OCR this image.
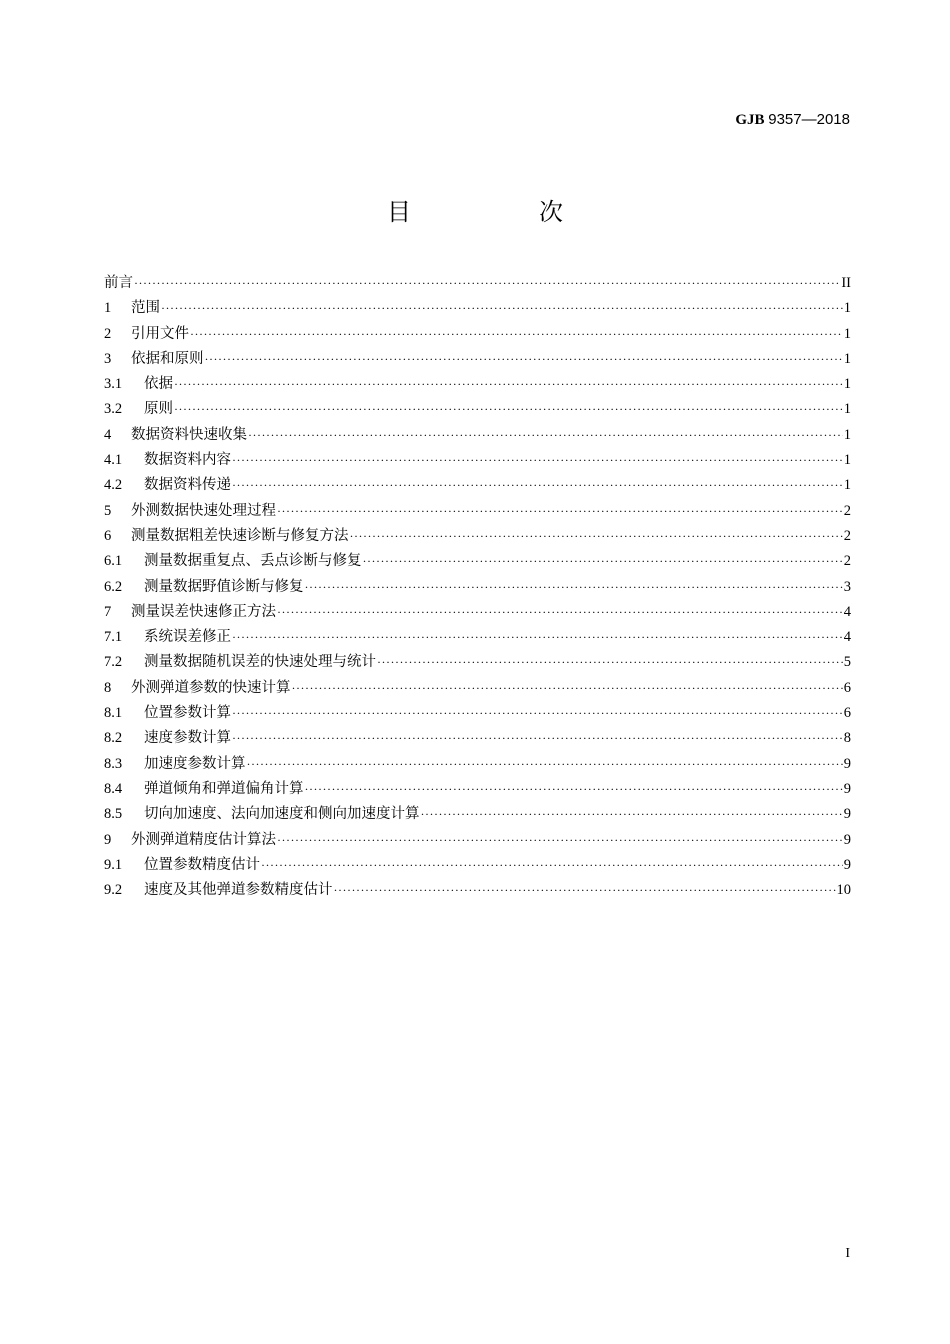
GJB 9357—2018
目　次
前言 ·····	II
1	范围 ·····	1
2	引用文件 ·····	1
3	依据和原则 ·····	1
3.1	依据 ·····	1
3.2	原则 ·····	1
4	数据资料快速收集 ·····	1
4.1	数据资料内容 ·····	1
4.2	数据资料传递 ·····	1
5	外测数据快速处理过程 ·····	2
6	测量数据粗差快速诊断与修复方法 ·····	2
6.1	测量数据重复点、丢点诊断与修复 ·····	2
6.2	测量数据野值诊断与修复 ·····	3
7	测量误差快速修正方法 ·····	4
7.1	系统误差修正 ·····	4
7.2	测量数据随机误差的快速处理与统计 ·····	5
8	外测弹道参数的快速计算 ·····	6
8.1	位置参数计算 ·····	6
8.2	速度参数计算 ·····	8
8.3	加速度参数计算 ·····	9
8.4	弹道倾角和弹道偏角计算 ·····	9
8.5	切向加速度、法向加速度和侧向加速度计算 ·····	9
9	外测弹道精度估计算法 ·····	9
9.1	位置参数精度估计 ·····	9
9.2	速度及其他弹道参数精度估计 ·····	10
I
